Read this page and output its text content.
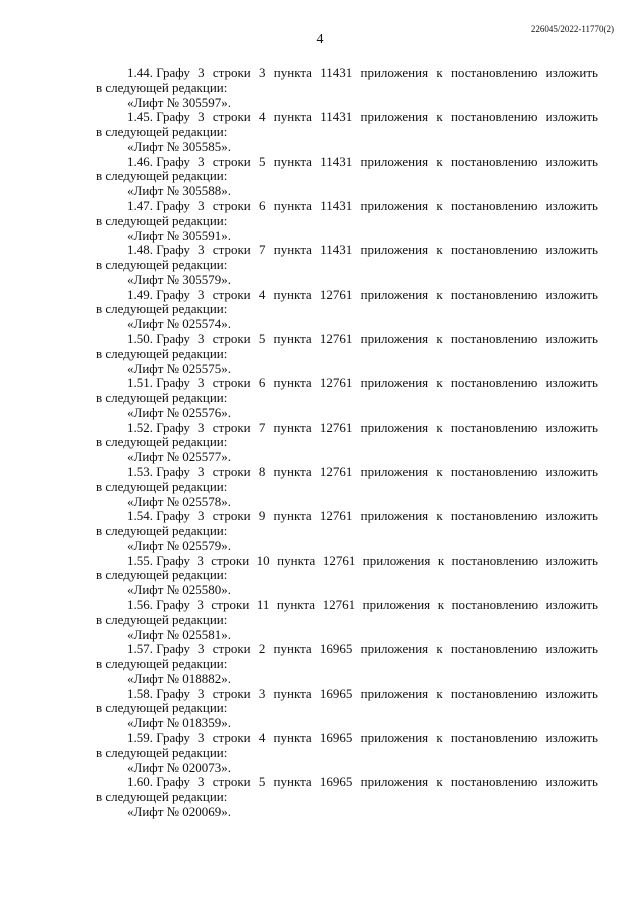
226045/2022-11770(2)
4
1.44. Графу 3 строки 3 пункта 11431 приложения к постановлению изложить
в следующей редакции:
«Лифт № 305597».
1.45. Графу 3 строки 4 пункта 11431 приложения к постановлению изложить
в следующей редакции:
«Лифт № 305585».
1.46. Графу 3 строки 5 пункта 11431 приложения к постановлению изложить
в следующей редакции:
«Лифт № 305588».
1.47. Графу 3 строки 6 пункта 11431 приложения к постановлению изложить
в следующей редакции:
«Лифт № 305591».
1.48. Графу 3 строки 7 пункта 11431 приложения к постановлению изложить
в следующей редакции:
«Лифт № 305579».
1.49. Графу 3 строки 4 пункта 12761 приложения к постановлению изложить
в следующей редакции:
«Лифт № 025574».
1.50. Графу 3 строки 5 пункта 12761 приложения к постановлению изложить
в следующей редакции:
«Лифт № 025575».
1.51. Графу 3 строки 6 пункта 12761 приложения к постановлению изложить
в следующей редакции:
«Лифт № 025576».
1.52. Графу 3 строки 7 пункта 12761 приложения к постановлению изложить
в следующей редакции:
«Лифт № 025577».
1.53. Графу 3 строки 8 пункта 12761 приложения к постановлению изложить
в следующей редакции:
«Лифт № 025578».
1.54. Графу 3 строки 9 пункта 12761 приложения к постановлению изложить
в следующей редакции:
«Лифт № 025579».
1.55. Графу 3 строки 10 пункта 12761 приложения к постановлению изложить
в следующей редакции:
«Лифт № 025580».
1.56. Графу 3 строки 11 пункта 12761 приложения к постановлению изложить
в следующей редакции:
«Лифт № 025581».
1.57. Графу 3 строки 2 пункта 16965 приложения к постановлению изложить
в следующей редакции:
«Лифт № 018882».
1.58. Графу 3 строки 3 пункта 16965 приложения к постановлению изложить
в следующей редакции:
«Лифт № 018359».
1.59. Графу 3 строки 4 пункта 16965 приложения к постановлению изложить
в следующей редакции:
«Лифт № 020073».
1.60. Графу 3 строки 5 пункта 16965 приложения к постановлению изложить
в следующей редакции:
«Лифт № 020069».
